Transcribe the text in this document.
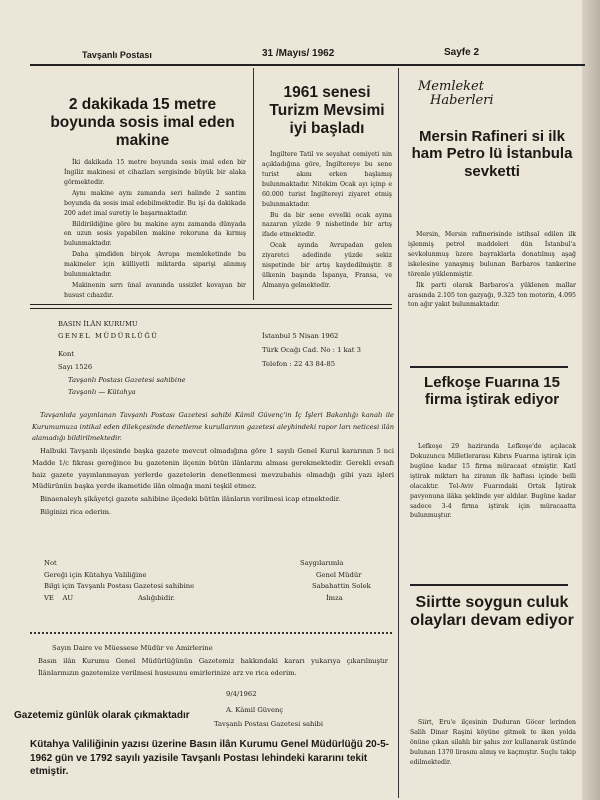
Tavşanlı Postası	31 /Mayıs/ 1962	Sayfe 2
2 dakikada 15 metre boyunda sosis imal eden makine

İki dakikada 15 metre boyunda sosis imal eden bir İngiliz makinesi et cihazları sergisinde büyük bir alaka görmektedir.

Aynı makine aynı zamanda seri halinde 2 santim boyunda da sosis imal edebilmektedir. Bu işi da dakikada 200 adet imal suretiy le başarmaktadır.

Bildirildiğine göre bu makine aynı zamanda dünyada en uzun sosis yapabilen makine rekoruna da kırmış bulunmaktadır.

Daha şimdiden birçok Avrupa memleketinde bu makineler için külliyetli miktarda siparişi alınmış bulunmaktadır.

Makinenin sırrı ünal avanında ussizlet kovayan bir husust cıhazdır.

1961 senesi Turizm Mevsimi iyi başladı

İngiltere Tatil ve seyahat cemiyeti nin açıkladığına göre, İngiltereye bu sene turist akını erken başlamış bulunmaktadır. Nitekim Ocak ayı içinp e 60.000 turist İngiltereyi ziyaret etmiş bulunmaktadır.

Bu da bir sene evvelki ocak ayına nazaran yüzde 9 nisbetinde bir artış ifade etmektedir.

Ocak ayında Avrupadan gelen ziyaretci adedinde yüzde sekiz nispetinde bir artış kaydedilmiştir. 8 ülkenin başında İspanya, Fransa, ve Almanya gelmektedir.

Memleket
Haberleri
Mersin Rafineri si ilk ham Petro lü İstanbula sevketti

Mersin, Mersin rafinerisinde istihsal edilen ilk işlenmiş petrol maddeleri dün İstanbul'a sevkolunmuş üzere bayraklarla donatılmış aşağ iskelesine yanaşmış bulunan Barbaros tankerine törenle yüklenmiştir.

İlk parti olarak Barbaros'a yüklenen mallar arasında 2.105 ton gazyağı, 9.325 ton motorin, 4.095 ton ağır yakıt bulunmaktadır.

Lefkoşe Fuarına 15 firma iştirak ediyor

Lefkoşe 29 haziranda Lefkoşe'de açılacak Dokuzuncu Milletlerarası Kıbrıs Fuarına iştirak için bugüne kadar 15 firma müracaat etmiştir. Katî iştirak miktarı ha ziranın ilk haftası içinde belli olacaktır. Tel-Aviv Fuarındaki Ortak İştirak pavyonuna ilâka şeklinde yer aldılar. Bugüne kadar sadece 3-4 firma iştirak için müracaatta bulunmuştur.

Siirtte soygun culuk olayları devam ediyor

Siirt, Eru'e ilçesinin Duduran Göcer lerinden Salih Dinar Raşini köyüne gitmek te iken yolda önüne çıkan silahlı bir şahıs zor kullanarak üstünde bulunan 1370 lirasını alınış ve kaçmıştır. Suçlu takip edilmektedir.

BASIN İLÂN KURUMU
GENEL MÜDÜRLÜĞÜ
Kont
Sayı 1526
Tavşanlı Postası Gazetesi sahibine
Tavşanlı — Kütahya
İstanbul 5 Nisan 1962
Türk Ocağı Cad. No : 1 kat 3
Telefon : 22 43 84-85

Tavşanlıda yayınlanan Tavşanlı Postası Gazetesi sahibi Kâmil Güvenç'in İç İşleri Bakanlığı kanalı ile Kurumumuza intikal eden dilekçesinde denetleme kurullarının gazetesi aleyhindeki rapor ları neticesi ilân alamadığı bildirilmektedir.

Halbuki Tavşanlı ilçesinde başka gazete mevcut olmadığına göre 1 sayılı Genel Kurul kararının 5 nci Madde 1/c fıkrası gereğince bu gazetenin ilçenin bütün ilânlarını alması gerekmektedir. Gerekli evsafı haiz gazete yayınlanmayan yerlerde gazetelerin denetlenmesi mevzubahis olmadığı gibi yazı işleri Müdürünün başka yerde ikametide ilân olmağa mani teşkil etmez.

Binaenaleyh şikâyetçi gazete sahibine ilçedeki bütün ilânların verilmesi icap etmektedir.

Bilginizi rica ederim.

Not
Gereği için Kütahya Valiliğine
Bilgi için Tavşanlı Postası Gazetesi sahibine
VE    AU                              Aslığıbidir.
Saygılarımla
Genel Müdür
Sabahattin Solek
İmza
Sayın Daire ve Müessese Müdür ve Amirlerine
Basın ilân Kurumu Genel Müdürlüğünün Gazetemiz hakkındaki kararı yukarıya çıkarılmıştır İlânlarınızın gazetemize verilmesi hususunu emirlerinize arz ve rica ederim.
9/4/1962
A. Kâmil Güvenç
Tavşanlı Postası Gazetesi sahibi
Gazetemiz günlük olarak çıkmaktadır
Kütahya Valiliğinin yazısı üzerine Basın ilân Kurumu Genel Müdürlüğü 20-5-1962 gün ve 1792 sayılı yazisile Tavşanlı Postası lehindeki kararını tekit etmiştir.
